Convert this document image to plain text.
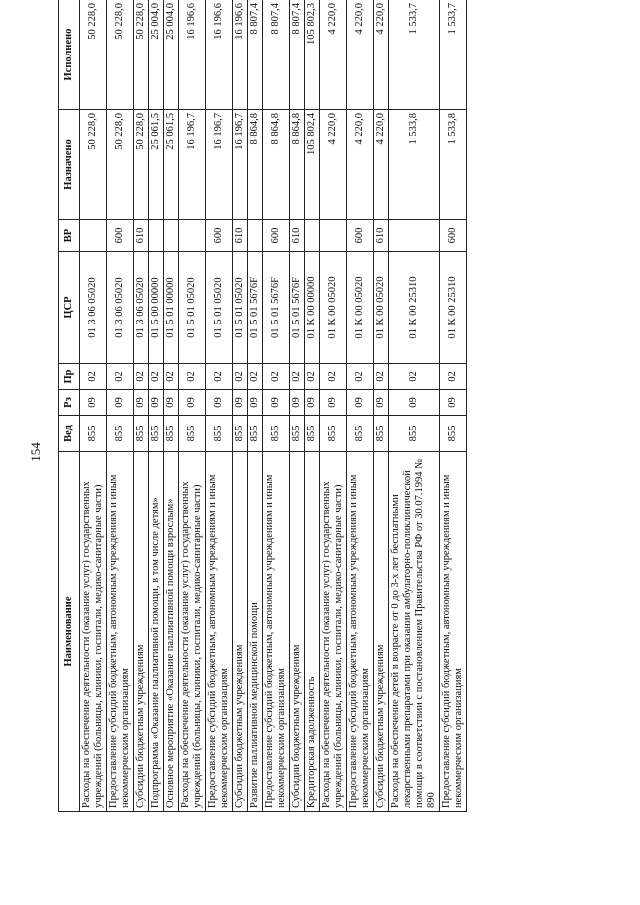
154
Наименование	Вед	Рз	Пр	ЦСР	ВР	Назначено	Исполнено
Расходы на обеспечение деятельности (оказание услуг) государственных учреждений (больницы, клиники, госпитали, медико-санитарные части)	855	09	02	01 3 06 05020		50 228,0	50 228,0
Предоставление субсидий бюджетным, автономным учреждениям и иным некоммерческим организациям	855	09	02	01 3 06 05020	600	50 228,0	50 228,0
Субсидии бюджетным учреждениям	855	09	02	01 3 06 05020	610	50 228,0	50 228,0
Подпрограмма «Оказание паллиативной помощи, в том числе детям»	855	09	02	01 5 00 00000		25 061,5	25 004,0
Основное мероприятие «Оказание паллиативной помощи взрослым»	855	09	02	01 5 01 00000		25 061,5	25 004,0
Расходы на обеспечение деятельности (оказание услуг) государственных учреждений (больницы, клиники, госпитали, медико-санитарные части)	855	09	02	01 5 01 05020		16 196,7	16 196,6
Предоставление субсидий бюджетным, автономным учреждениям и иным некоммерческим организациям	855	09	02	01 5 01 05020	600	16 196,7	16 196,6
Субсидии бюджетным учреждениям	855	09	02	01 5 01 05020	610	16 196,7	16 196,6
Развитие паллиативной медицинской помощи	855	09	02	01 5 01 5676F		8 864,8	8 807,4
Предоставление субсидий бюджетным, автономным учреждениям и иным некоммерческим организациям	855	09	02	01 5 01 5676F	600	8 864,8	8 807,4
Субсидии бюджетным учреждениям	855	09	02	01 5 01 5676F	610	8 864,8	8 807,4
Кредиторская задолженность	855	09	02	01 К 00 00000		105 802,4	105 802,3
Расходы на обеспечение деятельности (оказание услуг) государственных учреждений (больницы, клиники, госпитали, медико-санитарные части)	855	09	02	01 К 00 05020		4 220,0	4 220,0
Предоставление субсидий бюджетным, автономным учреждениям и иным некоммерческим организациям	855	09	02	01 К 00 05020	600	4 220,0	4 220,0
Субсидии бюджетным учреждениям	855	09	02	01 К 00 05020	610	4 220,0	4 220,0
Расходы на обеспечение детей в возрасте от 0 до 3-х лет бесплатными лекарственными препаратами при оказании амбулаторно-поликлинической помощи в соответствии с постановлением Правительства РФ от 30.07.1994 № 890	855	09	02	01 К 00 25310		1 533,8	1 533,7
Предоставление субсидий бюджетным, автономным учреждениям и иным некоммерческим организациям	855	09	02	01 К 00 25310	600	1 533,8	1 533,7
